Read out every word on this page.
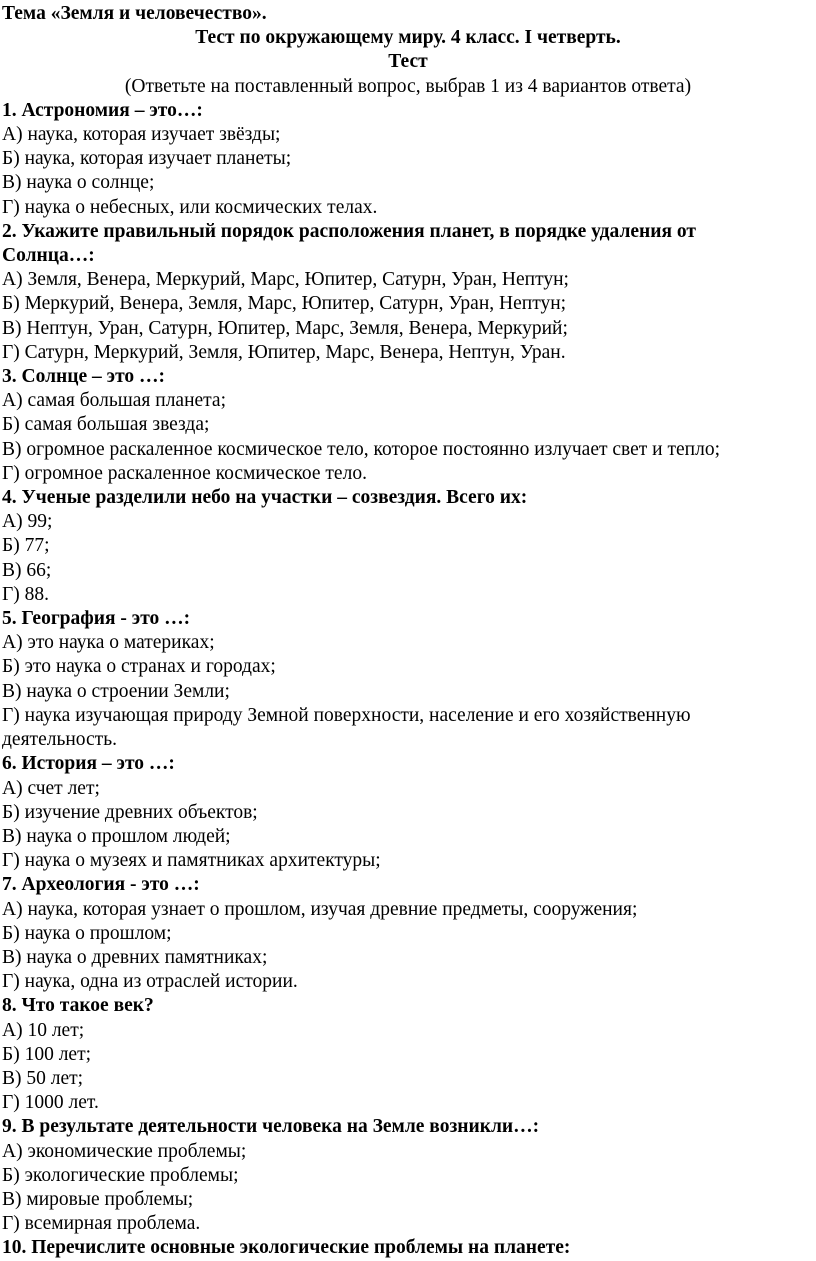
Тема «Земля и человечество».
Тест по окружающему миру. 4 класс. I четверть.
Тест
(Ответьте на поставленный вопрос, выбрав 1 из 4 вариантов ответа)
1. Астрономия – это…:
А) наука, которая изучает звёзды;
Б) наука, которая изучает планеты;
В) наука о солнце;
Г) наука о небесных, или космических телах.
2. Укажите правильный порядок расположения планет, в порядке удаления от Солнца…:
А) Земля, Венера, Меркурий, Марс, Юпитер, Сатурн, Уран, Нептун;
Б) Меркурий, Венера, Земля, Марс, Юпитер, Сатурн, Уран, Нептун;
В) Нептун, Уран, Сатурн, Юпитер, Марс, Земля, Венера, Меркурий;
Г) Сатурн, Меркурий, Земля, Юпитер, Марс, Венера, Нептун, Уран.
3. Солнце – это …:
А) самая большая планета;
Б) самая большая звезда;
В) огромное раскаленное космическое тело, которое постоянно излучает свет и тепло;
Г) огромное раскаленное космическое тело.
4. Ученые разделили небо на участки – созвездия. Всего их:
А) 99;
Б) 77;
В) 66;
Г) 88.
5. География - это …:
А) это наука о материках;
Б) это наука о странах и городах;
В) наука о строении Земли;
Г) наука изучающая природу Земной поверхности, население и его хозяйственную деятельность.
6. История – это …:
А) счет лет;
Б) изучение древних объектов;
В) наука о прошлом людей;
Г) наука о музеях и памятниках архитектуры;
7. Археология - это …:
А) наука, которая узнает о прошлом, изучая древние предметы, сооружения;
Б) наука о прошлом;
В) наука о древних памятниках;
Г) наука, одна из отраслей истории.
8. Что такое век?
А) 10 лет;
Б) 100 лет;
В) 50 лет;
Г) 1000 лет.
9. В результате деятельности человека на Земле возникли…:
А) экономические проблемы;
Б) экологические проблемы;
В) мировые проблемы;
Г) всемирная проблема.
10. Перечислите основные экологические проблемы на планете:
